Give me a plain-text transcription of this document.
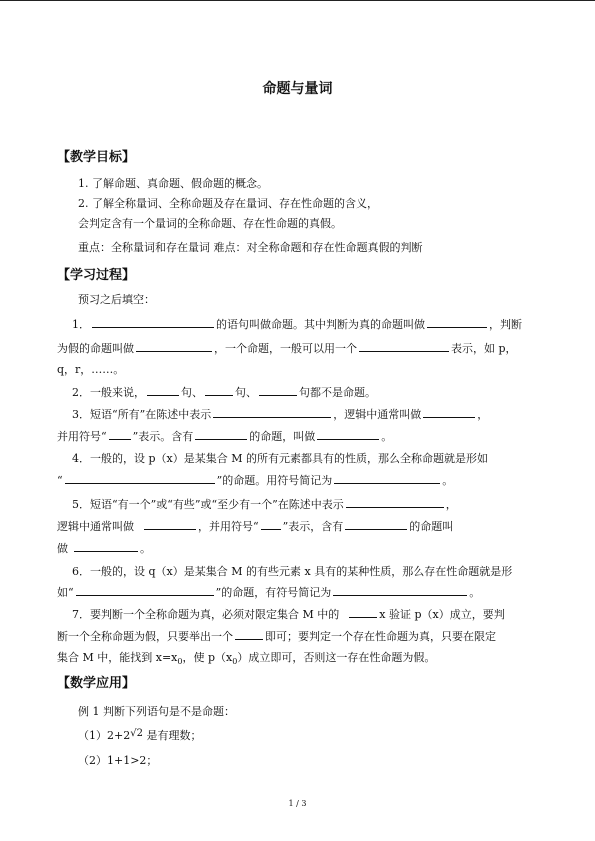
命题与量词
【教学目标】
1. 了解命题、真命题、假命题的概念。
2. 了解全称量词、全称命题及存在量词、存在性命题的含义，
会判定含有一个量词的全称命题、存在性命题的真假。
重点：全称量词和存在量词 难点：对全称命题和存在性命题真假的判断
【学习过程】
预习之后填空：
1．	的语句叫做命题。其中判断为真的命题叫做	，判断
为假的命题叫做	，一个命题，一般可以用一个	表示，如 p，
q，r，……。
2．一般来说，	句、	句、	句都不是命题。
3．短语“所有”在陈述中表示	，逻辑中通常叫做	，
并用符号“ ”表示。含有	的命题，叫做	。
4．一般的，设 p（x）是某集合 M 的所有元素都具有的性质，那么全称命题就是形如
“	”的命题。用符号简记为	。
5．短语“有一个”或“有些”或“至少有一个”在陈述中表示	，
逻辑中通常叫做	，并用符号“ ”表示，含有	的命题叫
做	。
6．一般的，设 q（x）是某集合 M 的有些元素 x 具有的某种性质，那么存在性命题就是形
如“	”的命题，有符号简记为	。
7．要判断一个全称命题为真，必须对限定集合 M 中的	x 验证 p（x）成立，要判
断一个全称命题为假，只要举出一个	即可；要判定一个存在性命题为真，只要在限定
集合 M 中，能找到 $x=x_0$，使 $p(x_0)$成立即可，否则这一存在性命题为假。
【数学应用】
例 1 判断下列语句是不是命题：
（1）2+2√2 是有理数；
（2）1+1>2；
1 / 3
